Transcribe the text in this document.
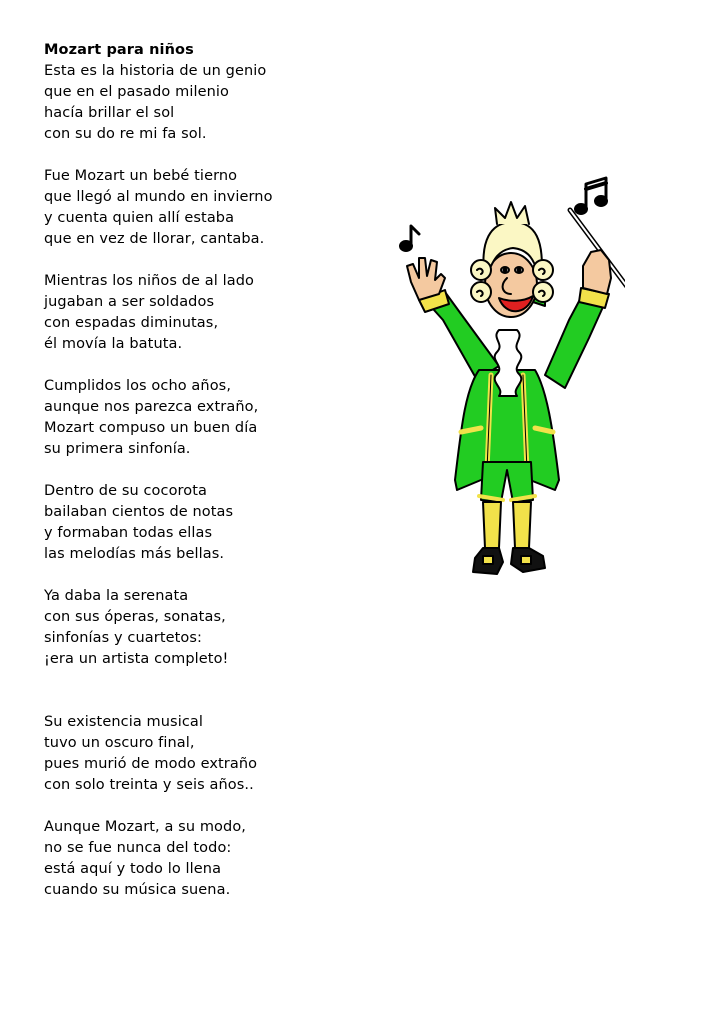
Mozart para niños
Esta es la historia de un genio
que en el pasado milenio
hacía brillar el sol
con su do re mi fa sol.
Fue Mozart un bebé tierno
que llegó al mundo en invierno
y cuenta quien allí estaba
que en vez de llorar, cantaba.
Mientras los niños de al lado
jugaban a ser soldados
con espadas diminutas,
él movía la batuta.
Cumplidos los ocho años,
aunque nos parezca extraño,
Mozart compuso un buen día
su primera sinfonía.
Dentro de su cocorota
bailaban cientos de notas
y formaban todas ellas
las melodías más bellas.
Ya daba la serenata
con sus óperas, sonatas,
sinfonías y cuartetos:
¡era un artista completo!
Su existencia musical
tuvo un oscuro final,
pues murió de modo extraño
con solo treinta y seis años..
Aunque Mozart, a su modo,
no se fue nunca del todo:
está aquí y todo lo llena
cuando su música suena.
